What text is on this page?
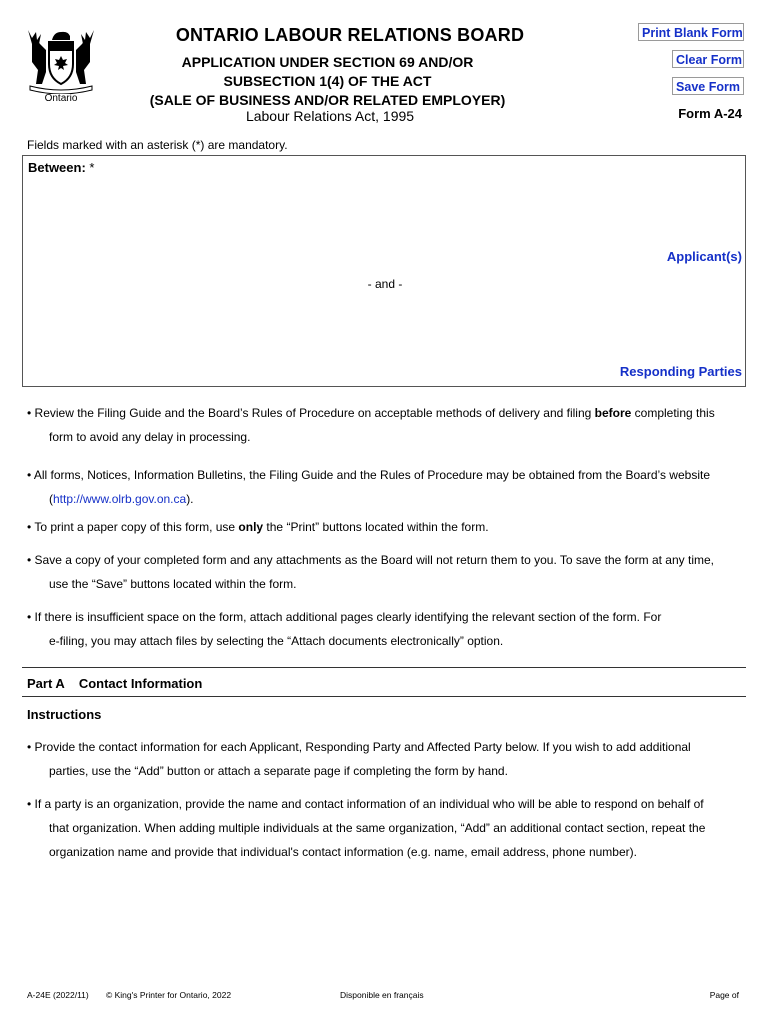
Ontario
ONTARIO LABOUR RELATIONS BOARD
APPLICATION UNDER SECTION 69 AND/OR
SUBSECTION 1(4) OF THE ACT
(SALE OF BUSINESS AND/OR RELATED EMPLOYER)
Labour Relations Act, 1995
Print Blank Form
Clear Form
Save Form
Form A-24
Fields marked with an asterisk (*) are mandatory.
Between: *
Applicant(s)
- and -
Responding Parties
• Review the Filing Guide and the Board’s Rules of Procedure on acceptable methods of delivery and filing before completing this
form to avoid any delay in processing.
• All forms, Notices, Information Bulletins, the Filing Guide and the Rules of Procedure may be obtained from the Board’s website
(http://www.olrb.gov.on.ca).
• To print a paper copy of this form, use only the “Print” buttons located within the form.
• Save a copy of your completed form and any attachments as the Board will not return them to you. To save the form at any time,
use the “Save” buttons located within the form.
• If there is insufficient space on the form, attach additional pages clearly identifying the relevant section of the form. For
e-filing, you may attach files by selecting the “Attach documents electronically” option.
Part A Contact Information
Instructions
• Provide the contact information for each Applicant, Responding Party and Affected Party below. If you wish to add additional
parties, use the “Add” button or attach a separate page if completing the form by hand.
• If a party is an organization, provide the name and contact information of an individual who will be able to respond on behalf of
that organization. When adding multiple individuals at the same organization, “Add” an additional contact section, repeat the
organization name and provide that individual's contact information (e.g. name, email address, phone number).
A-24E (2022/11) © King's Printer for Ontario, 2022	Disponible en français	Page of
